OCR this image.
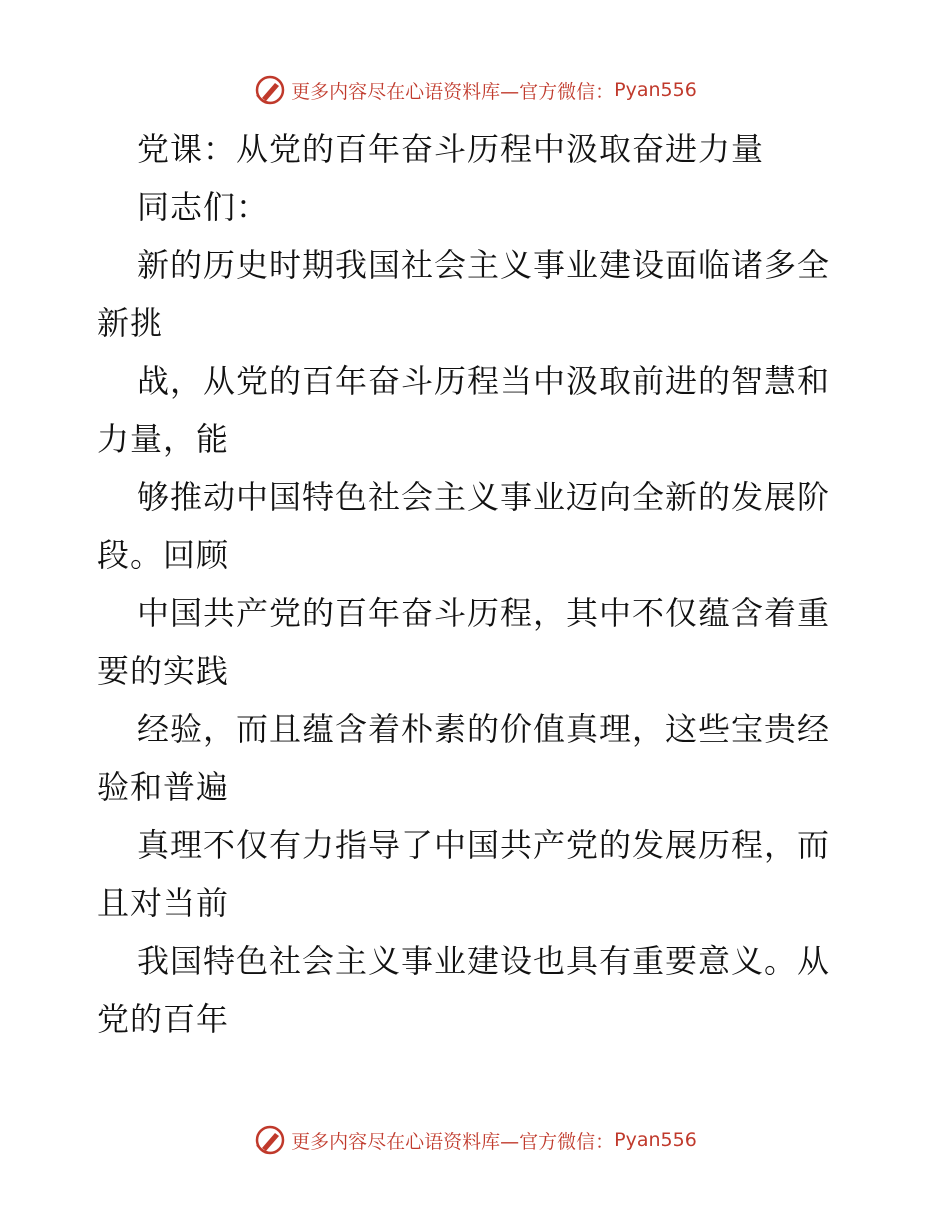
更多内容尽在心语资料库—官方微信： Pyan556
党课：从党的百年奋斗历程中汲取奋进力量
同志们：
新的历史时期我国社会主义事业建设面临诸多全
新挑
战，从党的百年奋斗历程当中汲取前进的智慧和
力量，能
够推动中国特色社会主义事业迈向全新的发展阶
段。回顾
中国共产党的百年奋斗历程，其中不仅蕴含着重
要的实践
经验，而且蕴含着朴素的价值真理，这些宝贵经
验和普遍
真理不仅有力指导了中国共产党的发展历程，而
且对当前
我国特色社会主义事业建设也具有重要意义。从
党的百年
更多内容尽在心语资料库—官方微信： Pyan556
